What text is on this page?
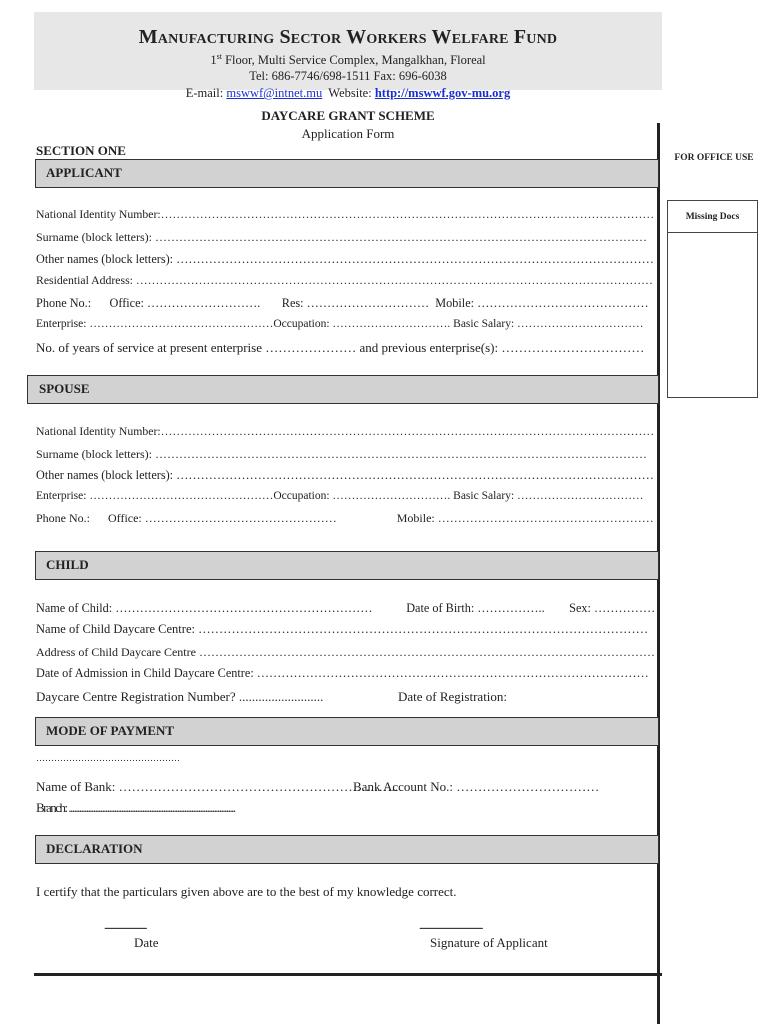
Manufacturing Sector Workers Welfare Fund
1st Floor, Multi Service Complex, Mangalkhan, Floreal
Tel: 686-7746/698-1511 Fax: 696-6038
E-mail: mswwf@intnet.mu  Website: http://mswwf.gov-mu.org
DAYCARE GRANT SCHEME
Application Form
SECTION ONE	FOR OFFICE USE
Missing Docs
APPLICANT
National Identity Number:………………………………………………………………………………………………………………
Surname (block letters): ……………………………………………………………………………………………………………
Other names (block letters): ………………………………………………………………………………………………………
Residential Address: ……………………………………………………………………………………………………………………
Phone No.:      Office: ……………………….       Res: …………………………  Mobile: ……………………………………
Enterprise: …………………………………………Occupation: …………………………. Basic Salary: ……………………………
No. of years of service at present enterprise ………………… and previous enterprise(s): ……………………………
SPOUSE
National Identity Number:………………………………………………………………………………………………………………
Surname (block letters): ……………………………………………………………………………………………………………
Other names (block letters): ………………………………………………………………………………………………………
Enterprise: …………………………………………Occupation: …………………………. Basic Salary: ……………………………
Phone No.:      Office: …………………………………………                    Mobile: ………………………………………………
CHILD
Name of Child: ………………………………………………………           Date of Birth: ……………..        Sex: ……………
Name of Child Daycare Centre: ………………………………………………………………………………………………
Address of Child Daycare Centre ……………………………………………………………………………………………………
Date of Admission in Child Daycare Centre: ……………………………………………………………………………………
Daycare Centre Registration Number? ..........................	Date of Registration:
MODE OF PAYMENT
…………………………………………
Name of Bank: ………………………………………………………..
Bank Account No.: ……………………………
Branch: ...............................................................................................
DECLARATION
I certify that the particulars given above are to the best of my knowledge correct.
..........................................
Date
...............................................................
Signature of Applicant
